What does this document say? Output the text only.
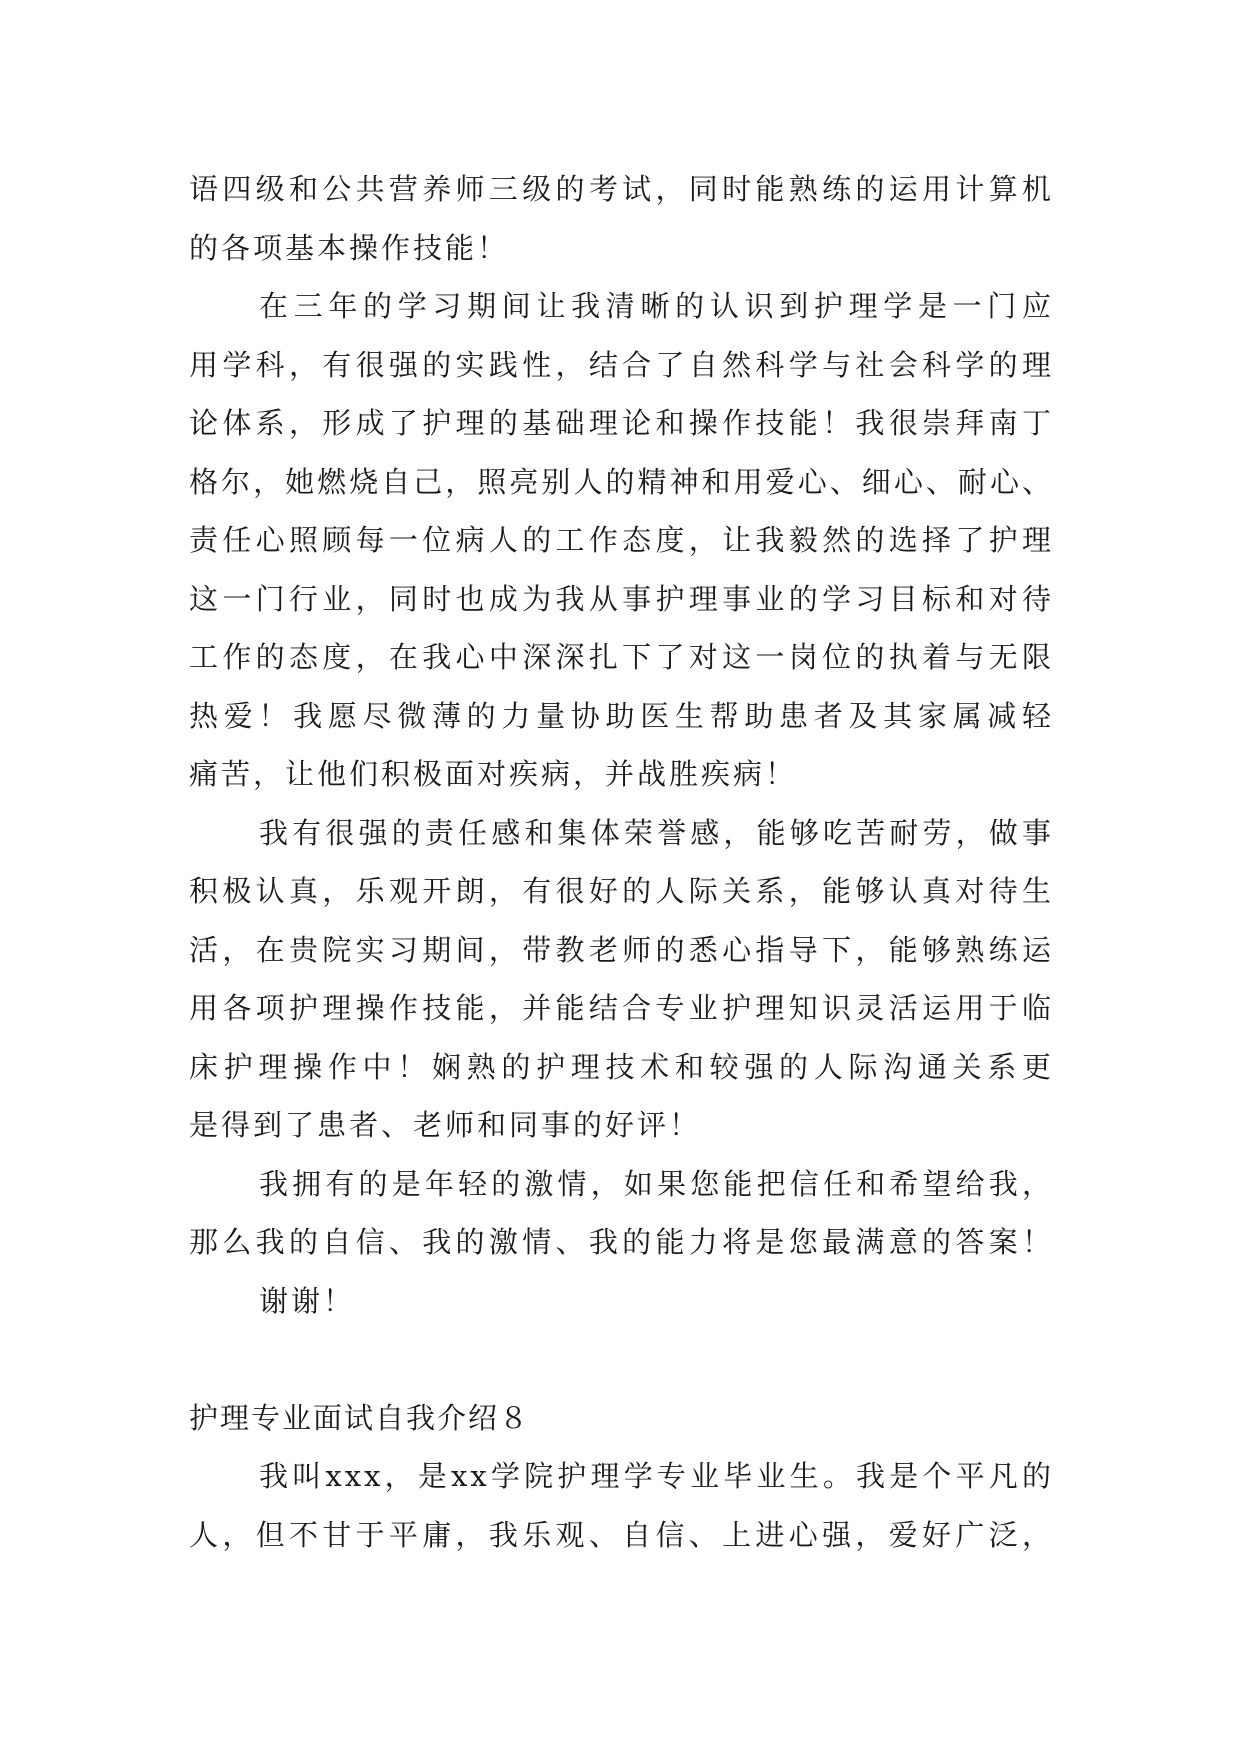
语四级和公共营养师三级的考试，同时能熟练的运用计算机
的各项基本操作技能！
在三年的学习期间让我清晰的认识到护理学是一门应
用学科，有很强的实践性，结合了自然科学与社会科学的理
论体系，形成了护理的基础理论和操作技能！我很崇拜南丁
格尔，她燃烧自己，照亮别人的精神和用爱心、细心、耐心、
责任心照顾每一位病人的工作态度，让我毅然的选择了护理
这一门行业，同时也成为我从事护理事业的学习目标和对待
工作的态度，在我心中深深扎下了对这一岗位的执着与无限
热爱！我愿尽微薄的力量协助医生帮助患者及其家属减轻
痛苦，让他们积极面对疾病，并战胜疾病！
我有很强的责任感和集体荣誉感，能够吃苦耐劳，做事
积极认真，乐观开朗，有很好的人际关系，能够认真对待生
活，在贵院实习期间，带教老师的悉心指导下，能够熟练运
用各项护理操作技能，并能结合专业护理知识灵活运用于临
床护理操作中！娴熟的护理技术和较强的人际沟通关系更
是得到了患者、老师和同事的好评！
我拥有的是年轻的激情，如果您能把信任和希望给我，
那么我的自信、我的激情、我的能力将是您最满意的答案！
谢谢！
护理专业面试自我介绍８
我叫xxx，是xx学院护理学专业毕业生。我是个平凡的
人，但不甘于平庸，我乐观、自信、上进心强，爱好广泛，
